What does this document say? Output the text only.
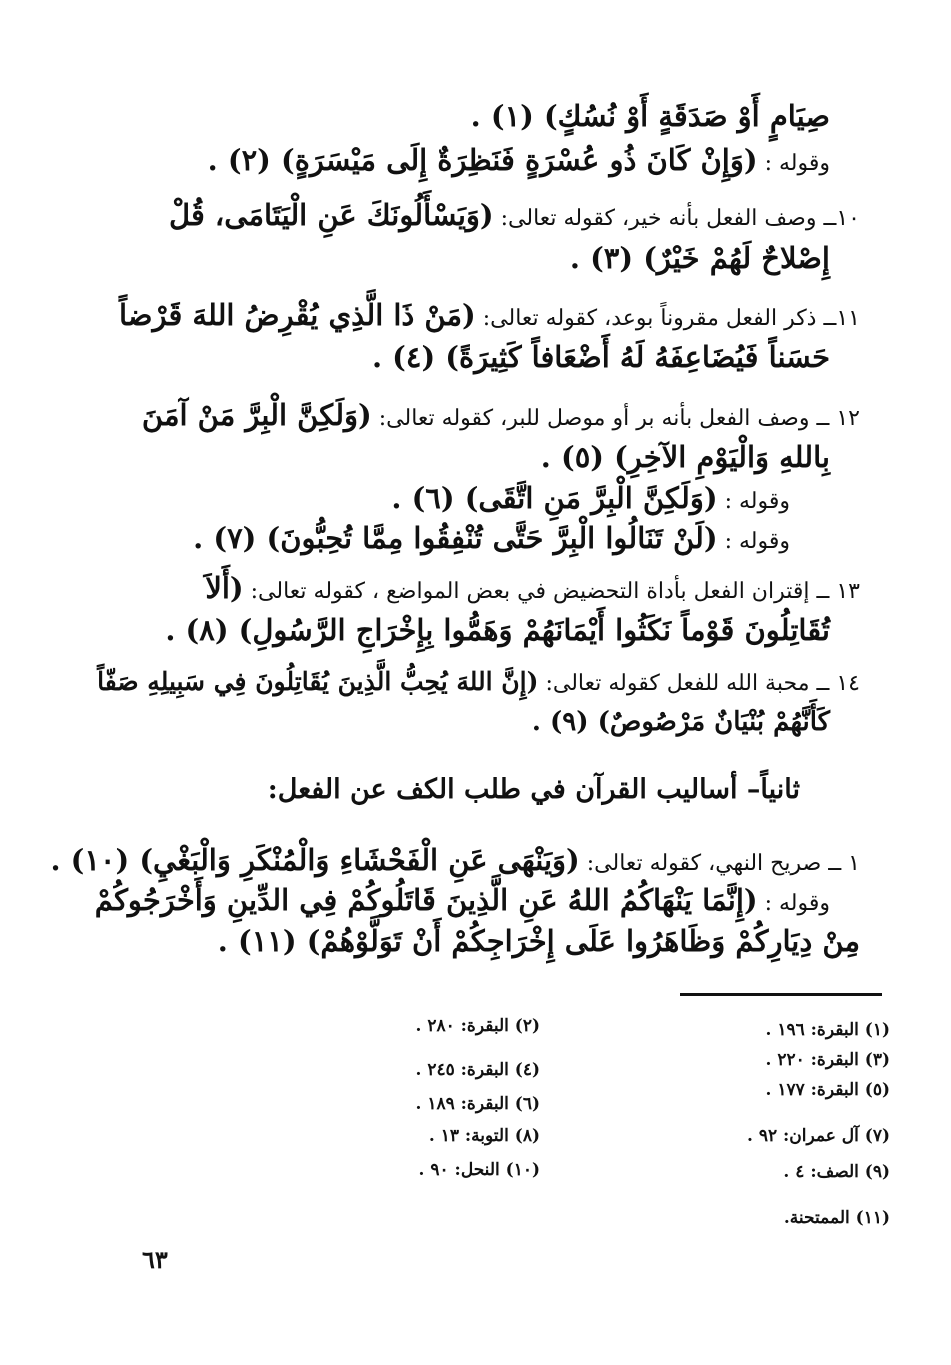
صِيَامٍ أَوْ صَدَقَةٍ أَوْ نُسُكٍ) (١) .
وقوله : (وَإِنْ كَانَ ذُو عُسْرَةٍ فَنَظِرَةٌ إِلَى مَيْسَرَةٍ) (٢) .
١٠ــ وصف الفعل بأنه خير، كقوله تعالى: (وَيَسْأَلُونَكَ عَنِ الْيَتَامَى، قُلْ
إِصْلاحٌ لَهُمْ خَيْرٌ) (٣) .
١١ــ ذكر الفعل مقروناً بوعد، كقوله تعالى: (مَنْ ذَا الَّذِي يُقْرِضُ اللهَ قَرْضاً
حَسَناً فَيُضَاعِفَهُ لَهُ أَضْعَافاً كَثِيرَةً) (٤) .
١٢ ــ وصف الفعل بأنه بر أو موصل للبر، كقوله تعالى: (وَلَكِنَّ الْبِرَّ مَنْ آمَنَ
بِاللهِ وَالْيَوْمِ الآخِرِ) (٥) .
وقوله : (وَلَكِنَّ الْبِرَّ مَنِ اتَّقَى) (٦) .
وقوله : (لَنْ تَنَالُوا الْبِرَّ حَتَّى تُنْفِقُوا مِمَّا تُحِبُّونَ) (٧) .
١٣ ــ إقتران الفعل بأداة التحضيض في بعض المواضع ، كقوله تعالى: (أَلاَ
تُقَاتِلُونَ قَوْماً نَكَثُوا أَيْمَانَهُمْ وَهَمُّوا بِإِخْرَاجِ الرَّسُولِ) (٨) .
١٤ ــ محبة الله للفعل كقوله تعالى: (إِنَّ اللهَ يُحِبُّ الَّذِينَ يُقَاتِلُونَ فِي سَبِيلِهِ صَفّاً
كَأَنَّهُمْ بُنْيَانٌ مَرْصُوصٌ) (٩) .
ثانياً– أساليب القرآن في طلب الكف عن الفعل:
١ ــ صريح النهي، كقوله تعالى: (وَيَنْهَى عَنِ الْفَحْشَاءِ وَالْمُنْكَرِ وَالْبَغْيِ) (١٠) .
وقوله : (إِنَّمَا يَنْهَاكُمُ اللهُ عَنِ الَّذِينَ قَاتَلُوكُمْ فِي الدِّينِ وَأَخْرَجُوكُمْ
مِنْ دِيَارِكُمْ وَظَاهَرُوا عَلَى إِخْرَاجِكُمْ أَنْ تَوَلَّوْهُمْ) (١١) .
(١) البقرة: ١٩٦ .
(٢) البقرة: ٢٨٠ .
(٣) البقرة: ٢٢٠ .
(٤) البقرة: ٢٤٥ .
(٥) البقرة: ١٧٧ .
(٦) البقرة: ١٨٩ .
(٧) آل عمران: ٩٢ .
(٨) التوبة: ١٣ .
(٩) الصف: ٤ .
(١٠) النحل: ٩٠ .
(١١) الممتحنة.
٦٣
